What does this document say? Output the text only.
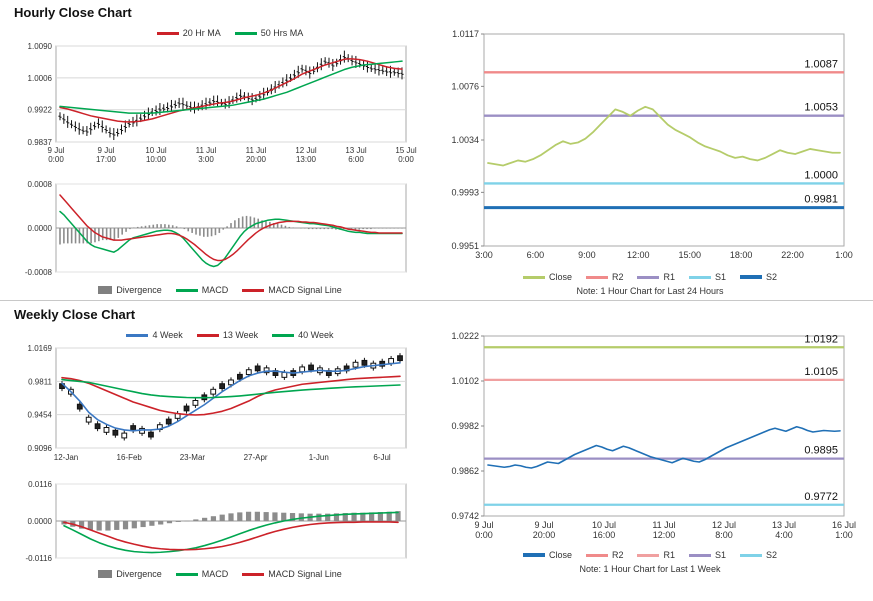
Hourly Close Chart
20 Hr MA	50 Hrs MA
0.9837
0.9922
1.0006
1.0090
9 Jul
0:00
9 Jul
17:00
10 Jul
10:00
11 Jul
3:00
11 Jul
20:00
12 Jul
13:00
13 Jul
6:00
15 Jul
0:00
-0.0008
0.0000
0.0008
Divergence	MACD	MACD Signal Line
0.9951
0.9993
1.0034
1.0076
1.0117
1.0087
1.0053
1.0000
0.9981
3:00	6:00	9:00	12:00	15:00	18:00	22:00	1:00
Close	R2	R1	S1	S2
Note: 1 Hour Chart for Last 24 Hours
Weekly Close Chart
4 Week	13 Week	40 Week
0.9096
0.9454
0.9811
1.0169
12-Jan	16-Feb	23-Mar	27-Apr	1-Jun	6-Jul
-0.0116
0.0000
0.0116
Divergence	MACD	MACD Signal Line
0.9742
0.9862
0.9982
1.0102
1.0222	1.0192
1.0105
0.9895
0.9772
9 Jul
0:00
9 Jul
20:00
10 Jul
16:00
11 Jul
12:00
12 Jul
8:00
13 Jul
4:00
16 Jul
1:00
Close	R2	R1	S1	S2
Note: 1 Hour Chart for Last 1 Week
